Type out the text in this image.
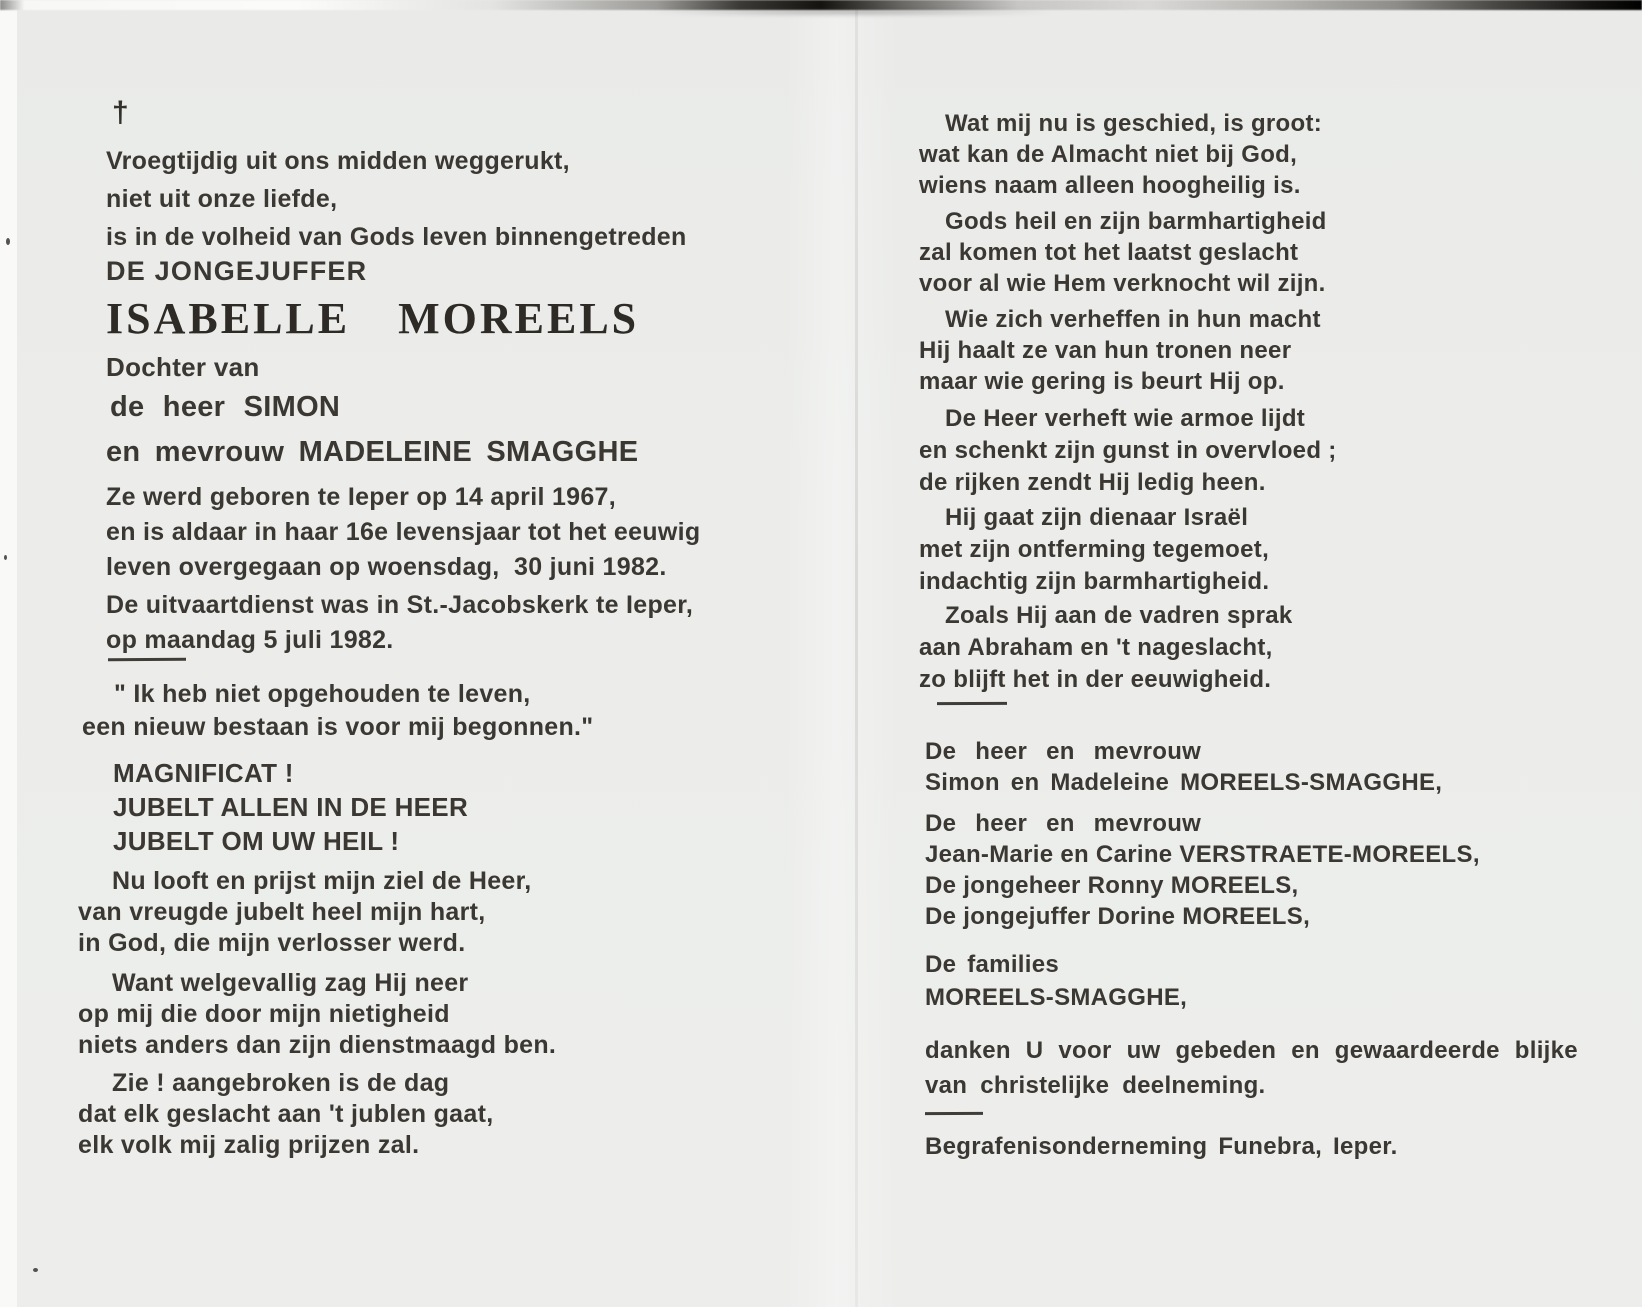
†

Vroegtijdig uit ons midden weggerukt,

niet uit onze liefde,

is in de volheid van Gods leven binnengetreden

DE JONGEJUFFER

ISABELLE MOREELS

Dochter van

de heer SIMON

en mevrouw MADELEINE SMAGGHE

Ze werd geboren te Ieper op 14 april 1967,

en is aldaar in haar 16e levensjaar tot het eeuwig

leven overgegaan op woensdag,  30 juni 1982.

De uitvaartdienst was in St.-Jacobskerk te Ieper,

op maandag 5 juli 1982.

" Ik heb niet opgehouden te leven,

een nieuw bestaan is voor mij begonnen."

MAGNIFICAT !

JUBELT ALLEN IN DE HEER

JUBELT OM UW HEIL !

Nu looft en prijst mijn ziel de Heer,

van vreugde jubelt heel mijn hart,

in God, die mijn verlosser werd.

Want welgevallig zag Hij neer

op mij die door mijn nietigheid

niets anders dan zijn dienstmaagd ben.

Zie ! aangebroken is de dag

dat elk geslacht aan 't jublen gaat,

elk volk mij zalig prijzen zal.

Wat mij nu is geschied, is groot:

wat kan de Almacht niet bij God,

wiens naam alleen hoogheilig is.

Gods heil en zijn barmhartigheid

zal komen tot het laatst geslacht

voor al wie Hem verknocht wil zijn.

Wie zich verheffen in hun macht

Hij haalt ze van hun tronen neer

maar wie gering is beurt Hij op.

De Heer verheft wie armoe lijdt

en schenkt zijn gunst in overvloed ;

de rijken zendt Hij ledig heen.

Hij gaat zijn dienaar Israël

met zijn ontferming tegemoet,

indachtig zijn barmhartigheid.

Zoals Hij aan de vadren sprak

aan Abraham en 't nageslacht,

zo blijft het in der eeuwigheid.

De heer en mevrouw

Simon en Madeleine MOREELS-SMAGGHE,

De heer en mevrouw

Jean-Marie en Carine VERSTRAETE-MOREELS,

De jongeheer Ronny MOREELS,

De jongejuffer Dorine MOREELS,

De families

MOREELS-SMAGGHE,

danken U voor uw gebeden en gewaardeerde blijke

van christelijke deelneming.

Begrafenisonderneming Funebra, Ieper.
